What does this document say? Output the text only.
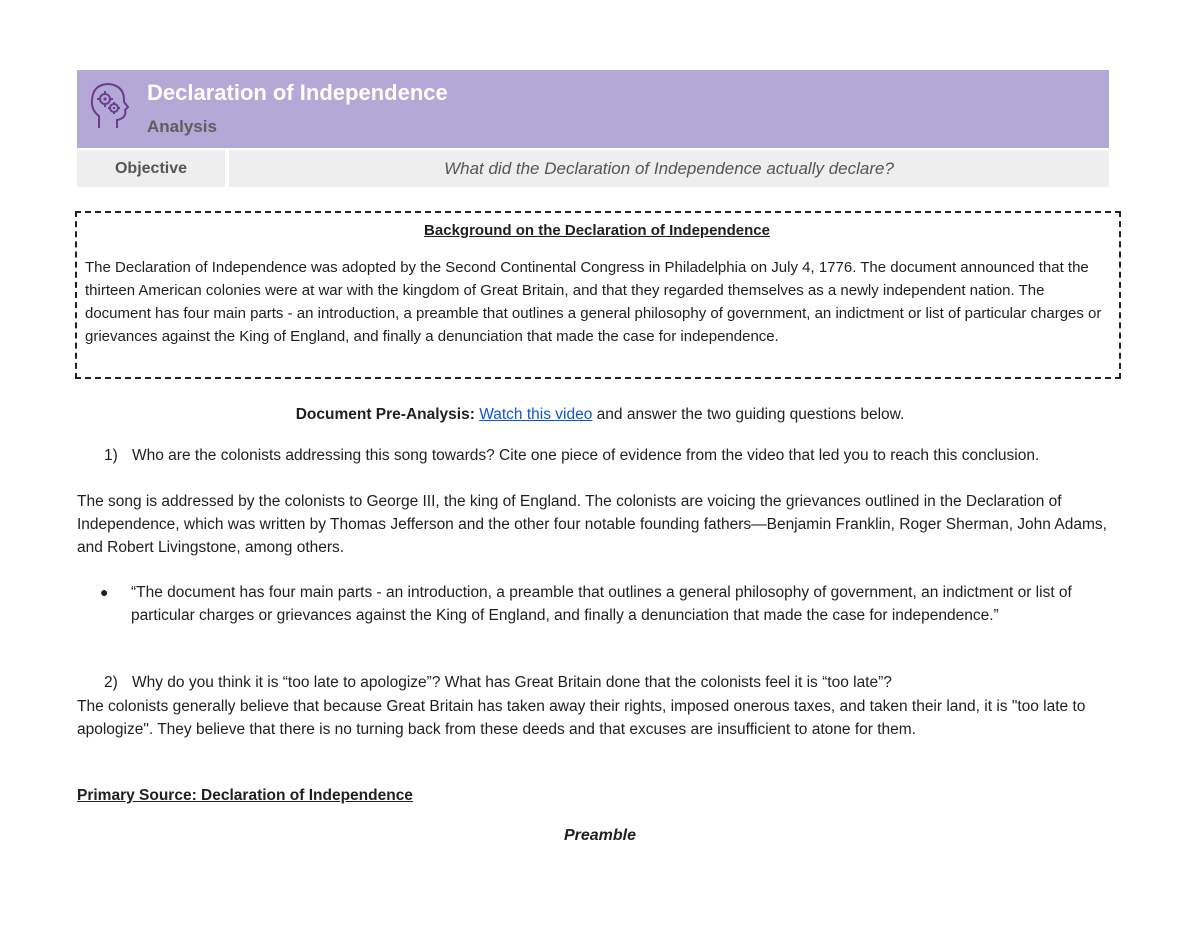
Declaration of Independence
Analysis
Objective	What did the Declaration of Independence actually declare?
Background on the Declaration of Independence
The Declaration of Independence was adopted by the Second Continental Congress in Philadelphia on July 4, 1776. The document announced that the thirteen American colonies were at war with the kingdom of Great Britain, and that they regarded themselves as a newly independent nation. The document has four main parts - an introduction, a preamble that outlines a general philosophy of government, an indictment or list of particular charges or grievances against the King of England, and finally a denunciation that made the case for independence.
Document Pre-Analysis: Watch this video and answer the two guiding questions below.
1) Who are the colonists addressing this song towards? Cite one piece of evidence from the video that led you to reach this conclusion.
The song is addressed by the colonists to George III, the king of England. The colonists are voicing the grievances outlined in the Declaration of Independence, which was written by Thomas Jefferson and the other four notable founding fathers—Benjamin Franklin, Roger Sherman, John Adams, and Robert Livingstone, among others.
●	“The document has four main parts - an introduction, a preamble that outlines a general philosophy of government, an indictment or list of particular charges or grievances against the King of England, and finally a denunciation that made the case for independence.”
2) Why do you think it is “too late to apologize”? What has Great Britain done that the colonists feel it is “too late”?
The colonists generally believe that because Great Britain has taken away their rights, imposed onerous taxes, and taken their land, it is "too late to apologize". They believe that there is no turning back from these deeds and that excuses are insufficient to atone for them.
Primary Source: Declaration of Independence
Preamble
